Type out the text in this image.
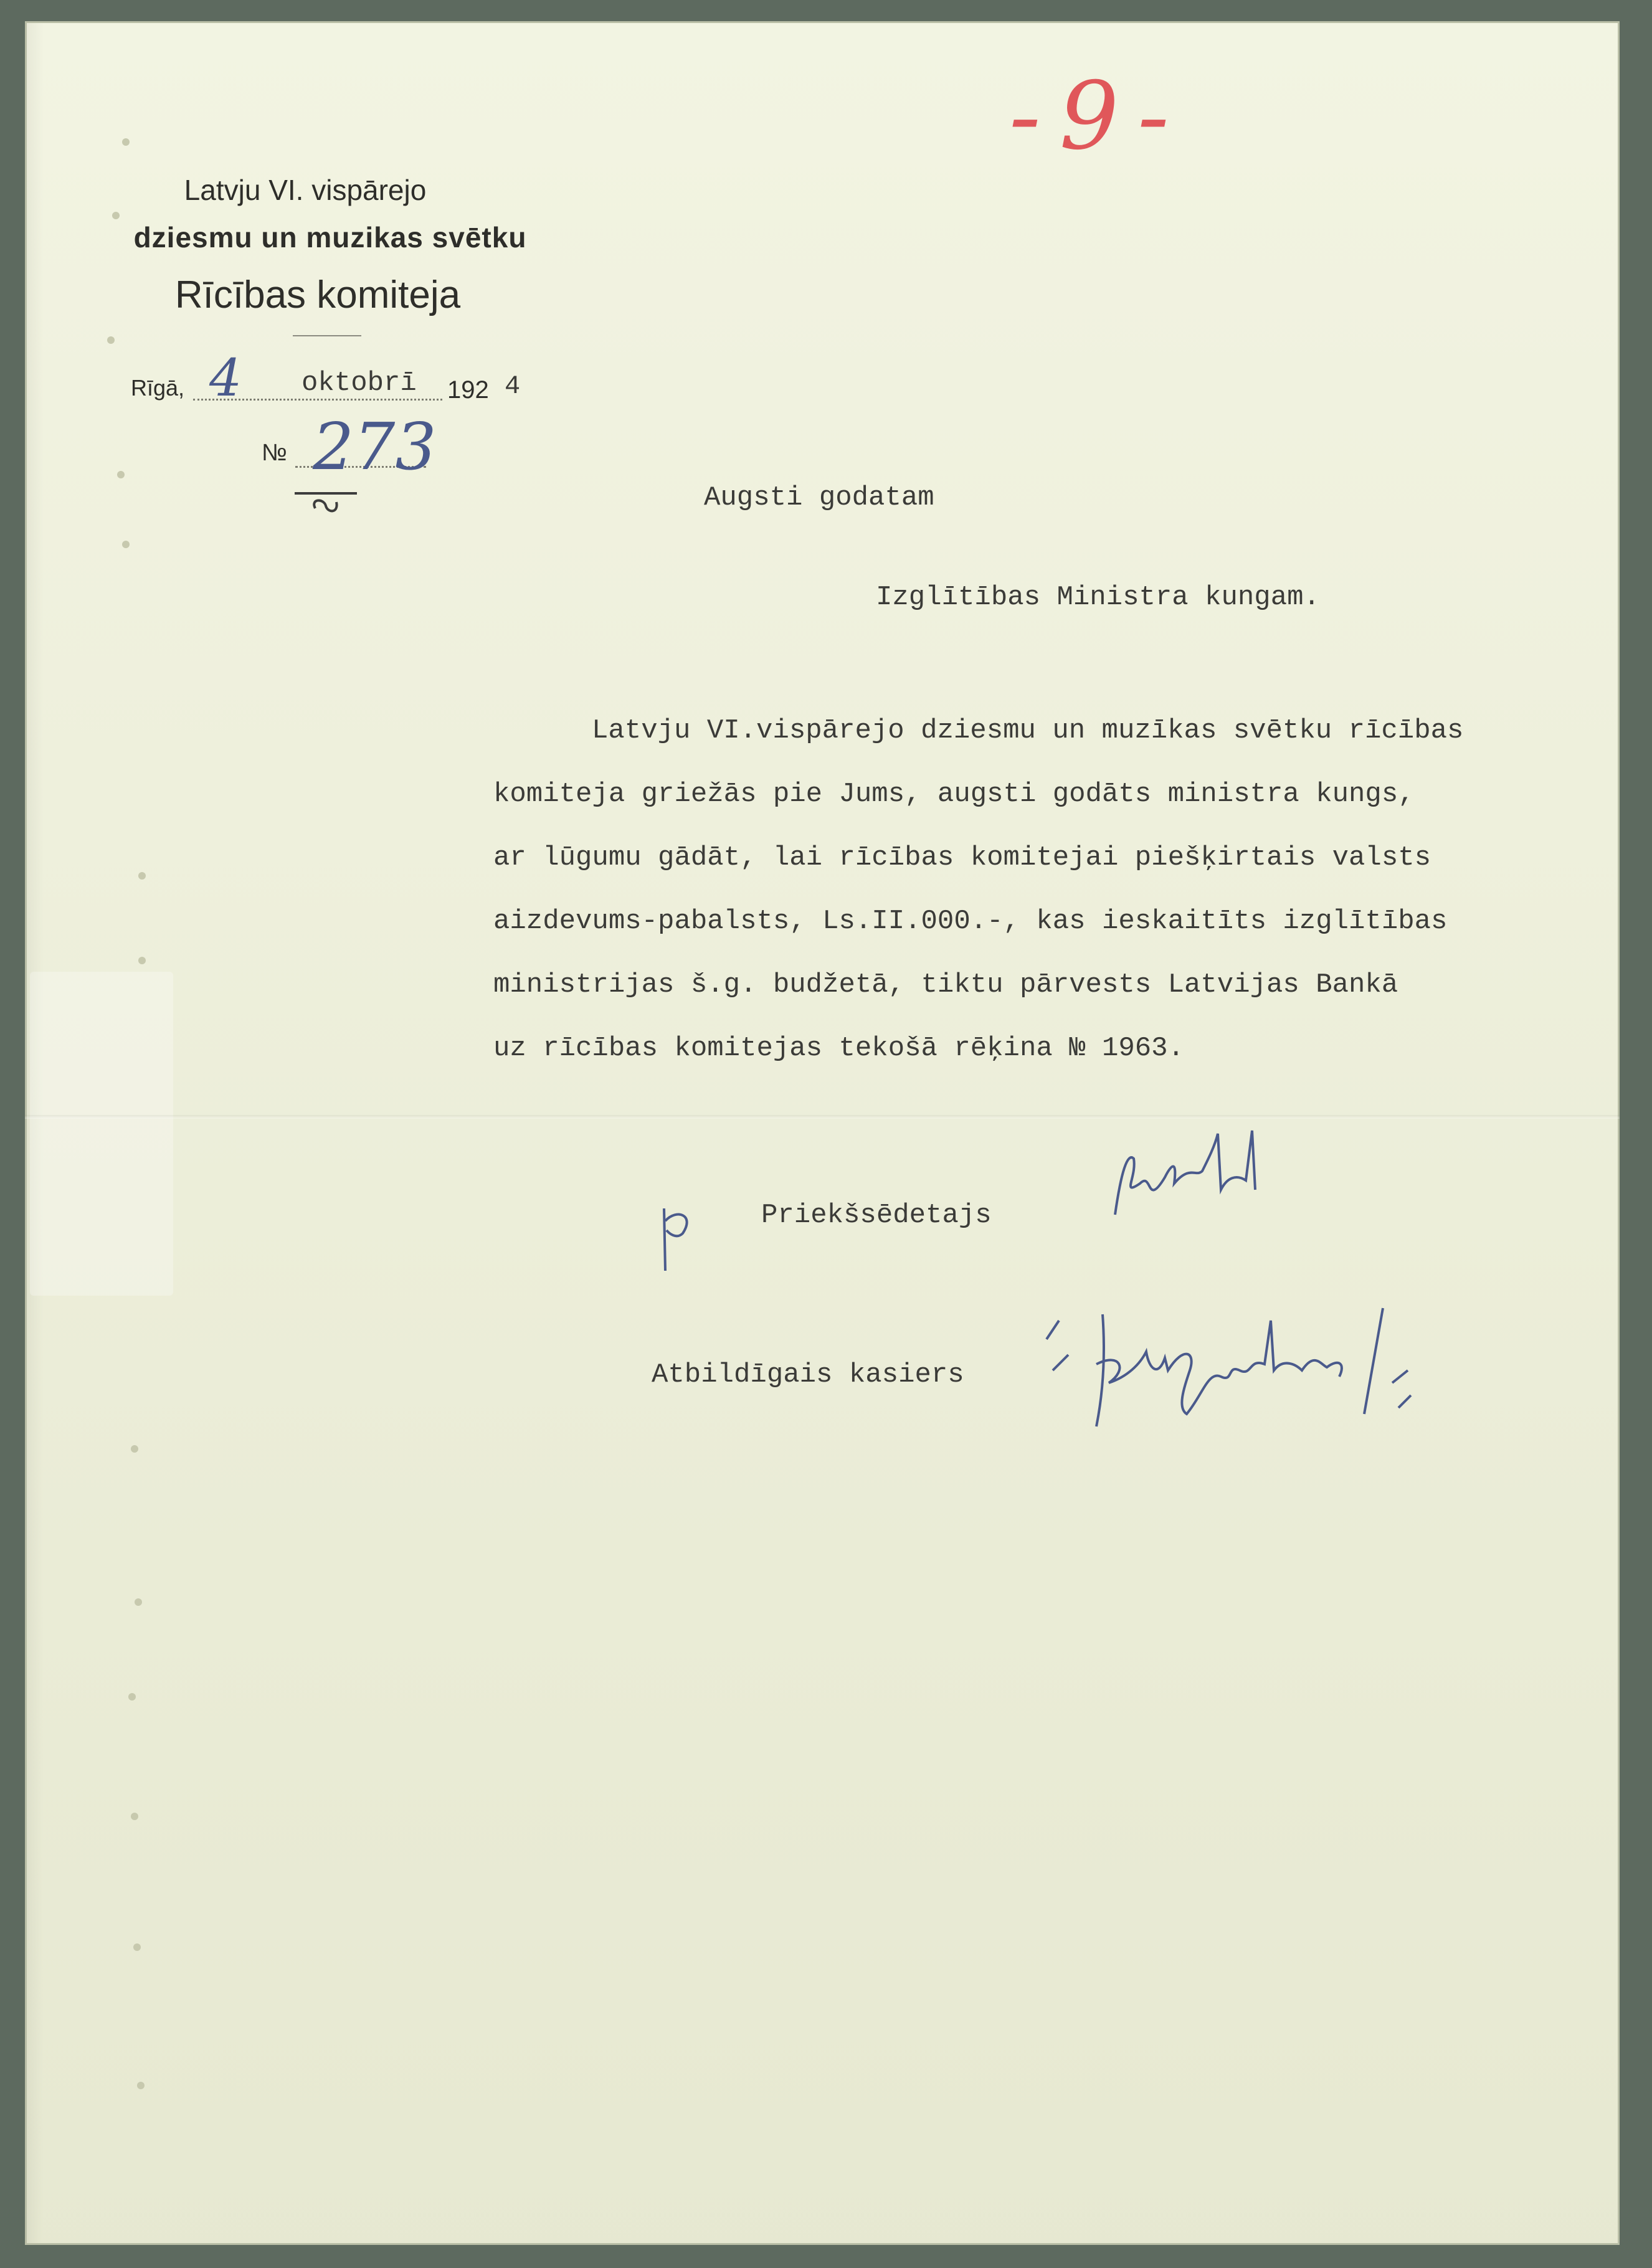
-9-
Latvju VI. vispārejo
dziesmu un muzikas svētku
Rīcības komiteja
Rīgā,	oktobrī 192 4
4
№ 273
Augsti godatam
Izglītības Ministra kungam.
Latvju VI.vispārejo dziesmu un muzīkas svētku rīcības
komiteja griežās pie Jums, augsti godāts ministra kungs,
ar lūgumu gādāt, lai rīcības komitejai piešķirtais valsts
aizdevums-pabalsts, Ls.II.000.-, kas ieskaitīts izglītības
ministrijas š.g. budžetā, tiktu pārvests Latvijas Bankā
uz rīcības komitejas tekošā rēķina № 1963.
Priekšsēdetajs
Atbildīgais kasiers
